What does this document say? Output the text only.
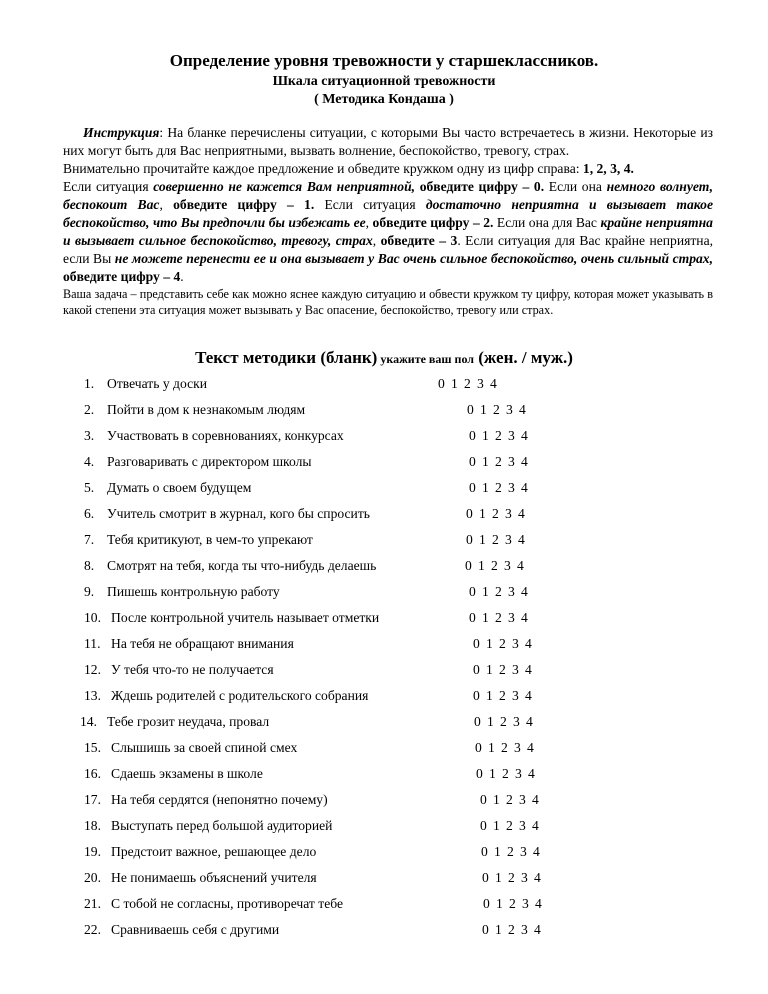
Определение уровня тревожности у старшеклассников.
Шкала ситуационной тревожности
( Методика Кондаша )

Инструкция: На бланке перечислены ситуации, с которыми Вы часто встречаетесь в жизни. Некоторые из них могут быть для Вас неприятными, вызвать волнение, беспокойство, тревогу, страх.

Внимательно прочитайте каждое предложение и обведите кружком одну из цифр справа: 1, 2, 3, 4.

Если ситуация совершенно не кажется Вам неприятной, обведите цифру – 0. Если она немного волнует, беспокоит Вас, обведите цифру – 1. Если ситуация достаточно неприятна и вызывает такое беспокойство, что Вы предпочли бы избежать ее, обведите цифру – 2. Если она для Вас крайне неприятна и вызывает сильное беспокойство, тревогу, страх, обведите – 3. Если ситуация для Вас крайне неприятна, если Вы не можете перенести ее и она вызывает у Вас очень сильное беспокойство, очень сильный страх, обведите цифру – 4.

Ваша задача – представить себе как можно яснее каждую ситуацию и обвести кружком ту цифру, которая может указывать в какой степени эта ситуация может вызывать у Вас опасение, беспокойство, тревогу или страх.

Текст методики (бланк) укажите ваш пол (жен. / муж.)
1. Отвечать у доски	0 1 2 3 4
2. Пойти в дом к незнакомым людям	0 1 2 3 4
3. Участвовать в соревнованиях, конкурсах	0 1 2 3 4
4. Разговаривать с директором школы	0 1 2 3 4
5. Думать о своем будущем	0 1 2 3 4
6. Учитель смотрит в журнал, кого бы спросить	0 1 2 3 4
7. Тебя критикуют, в чем-то упрекают	0 1 2 3 4
8. Смотрят на тебя, когда ты что-нибудь делаешь	0 1 2 3 4
9. Пишешь контрольную работу	0 1 2 3 4
10. После контрольной учитель называет отметки	0 1 2 3 4
11. На тебя не обращают внимания	0 1 2 3 4
12. У тебя что-то не получается	0 1 2 3 4
13. Ждешь родителей с родительского собрания	0 1 2 3 4
14. Тебе грозит неудача, провал	0 1 2 3 4
15. Слышишь за своей спиной смех	0 1 2 3 4
16. Сдаешь экзамены в школе	0 1 2 3 4
17. На тебя сердятся (непонятно почему)	0 1 2 3 4
18. Выступать перед большой аудиторией	0 1 2 3 4
19. Предстоит важное, решающее дело	0 1 2 3 4
20. Не понимаешь объяснений учителя	0 1 2 3 4
21. С тобой не согласны, противоречат тебе	0 1 2 3 4
22. Сравниваешь себя с другими	0 1 2 3 4
